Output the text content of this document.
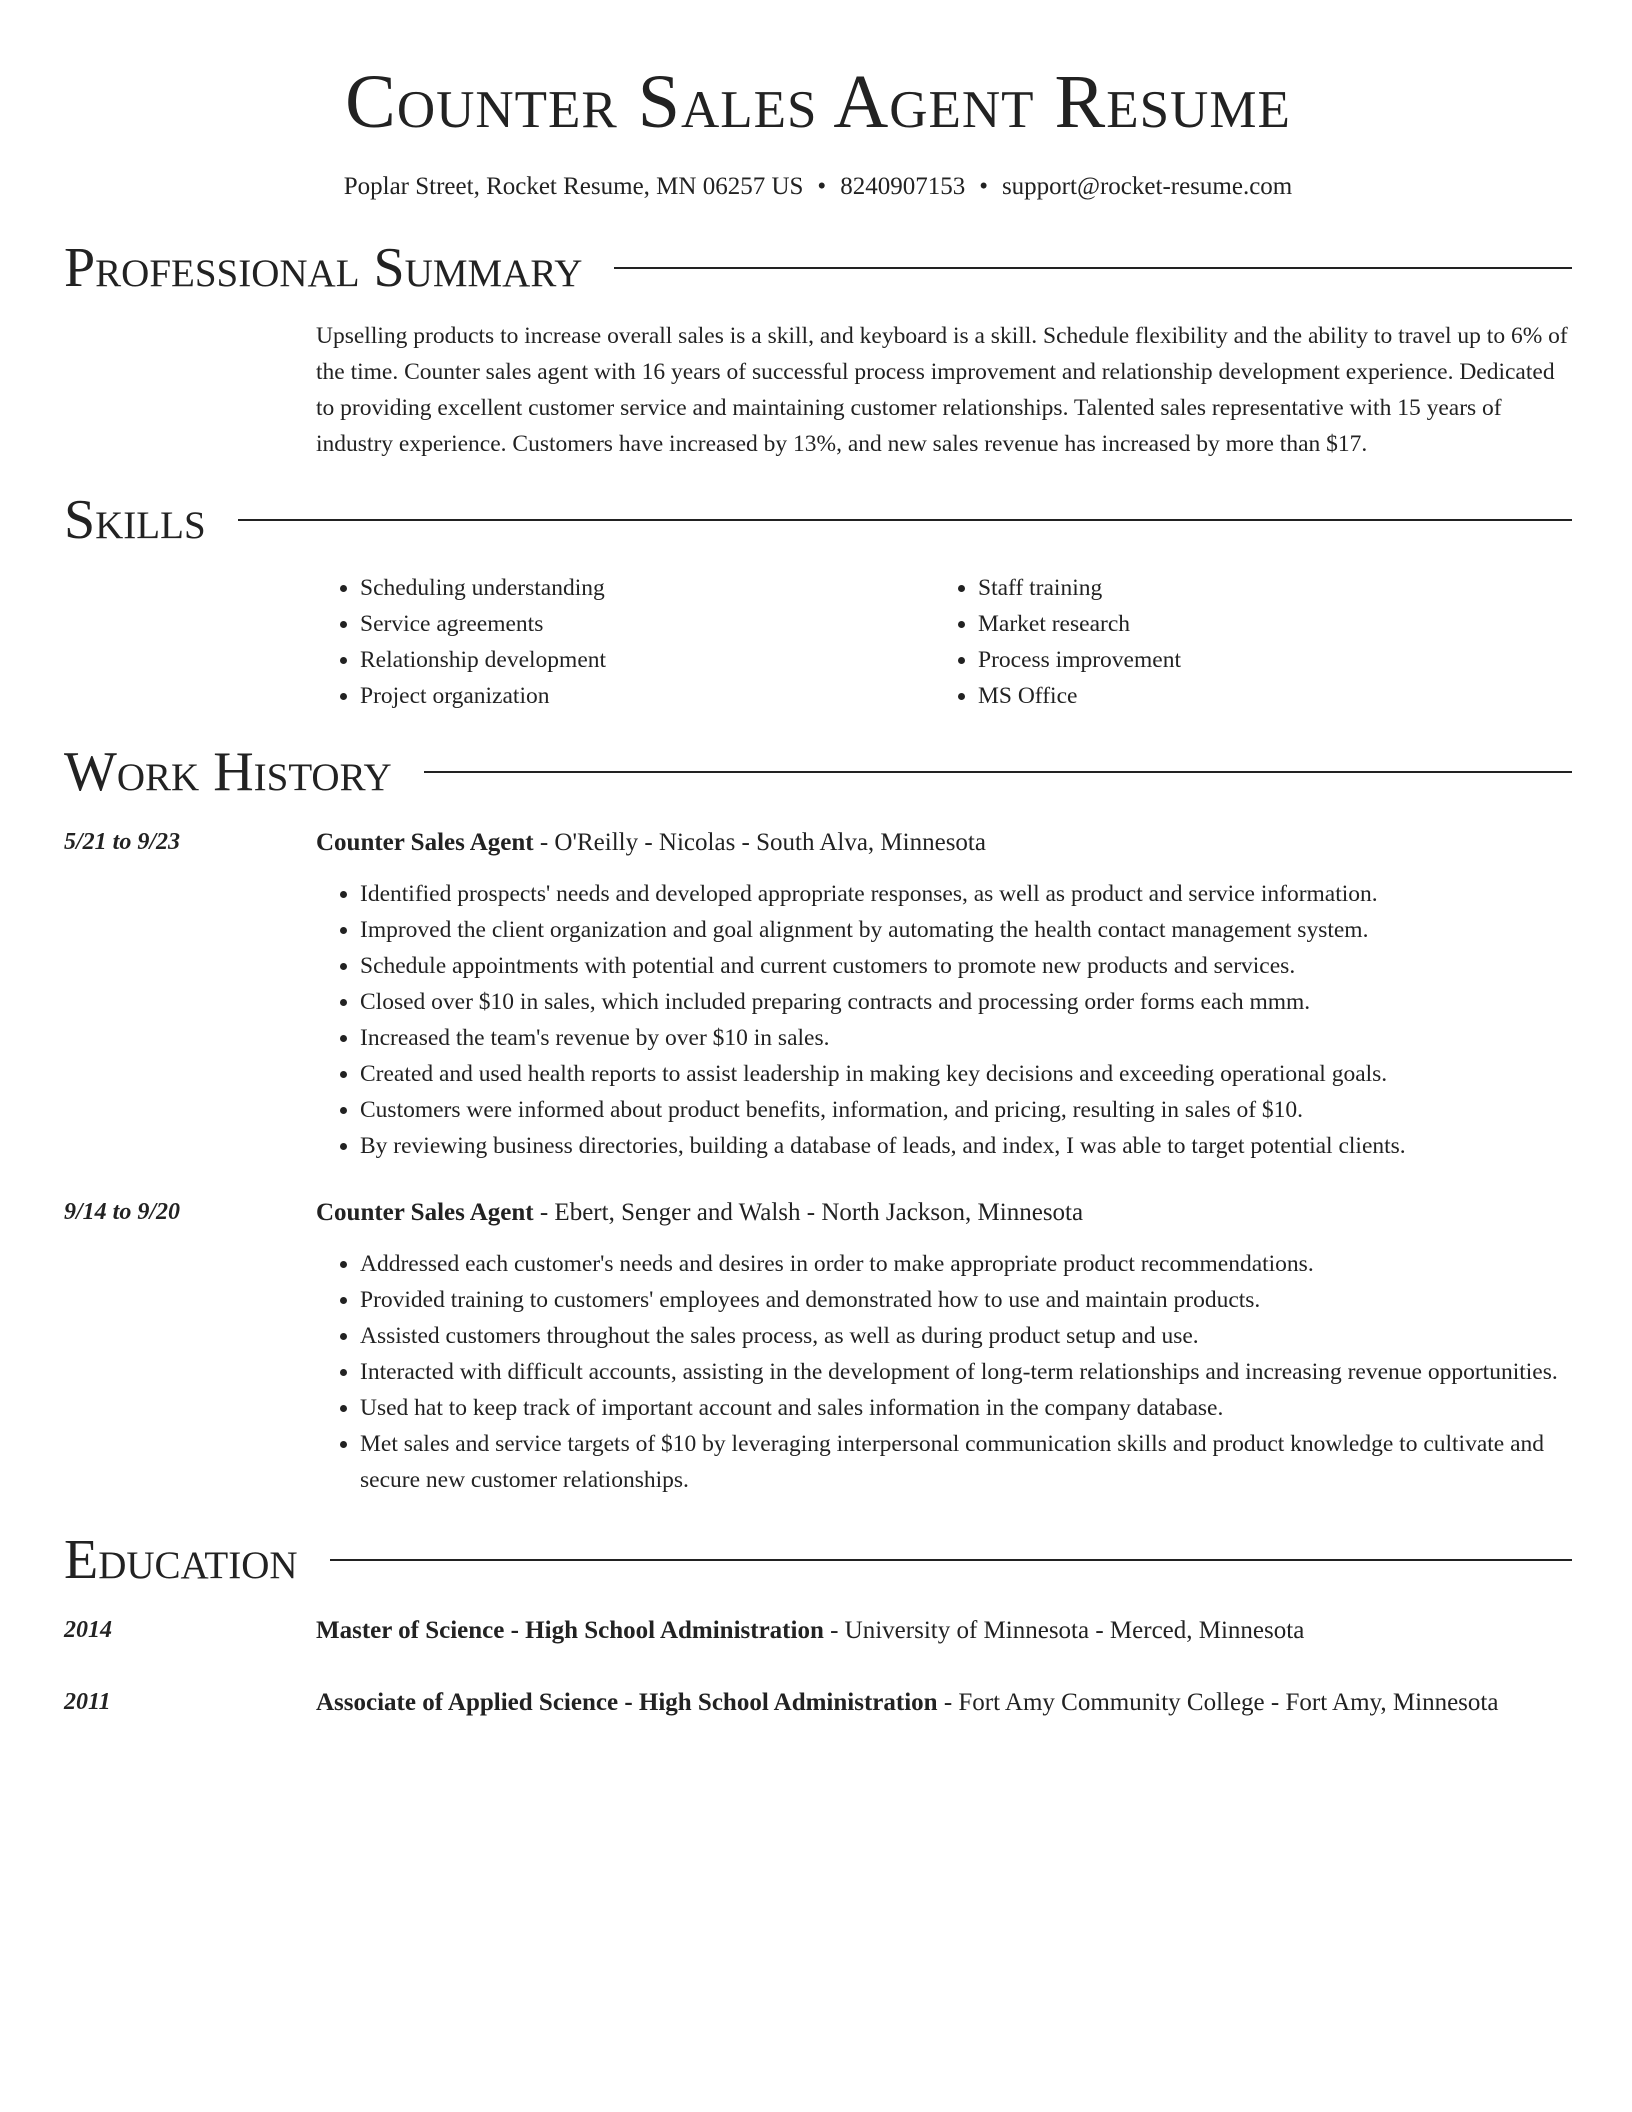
Counter Sales Agent Resume
Poplar Street, Rocket Resume, MN 06257 US • 8240907153 • support@rocket-resume.com
Professional Summary
Upselling products to increase overall sales is a skill, and keyboard is a skill. Schedule flexibility and the ability to travel up to 6% of the time. Counter sales agent with 16 years of successful process improvement and relationship development experience. Dedicated to providing excellent customer service and maintaining customer relationships. Talented sales representative with 15 years of industry experience. Customers have increased by 13%, and new sales revenue has increased by more than $17.
Skills
• Scheduling understanding
• Service agreements
• Relationship development
• Project organization
• Staff training
• Market research
• Process improvement
• MS Office
Work History
5/21 to 9/23	Counter Sales Agent - O'Reilly - Nicolas - South Alva, Minnesota
• Identified prospects' needs and developed appropriate responses, as well as product and service information.
• Improved the client organization and goal alignment by automating the health contact management system.
• Schedule appointments with potential and current customers to promote new products and services.
• Closed over $10 in sales, which included preparing contracts and processing order forms each mmm.
• Increased the team's revenue by over $10 in sales.
• Created and used health reports to assist leadership in making key decisions and exceeding operational goals.
• Customers were informed about product benefits, information, and pricing, resulting in sales of $10.
• By reviewing business directories, building a database of leads, and index, I was able to target potential clients.
9/14 to 9/20	Counter Sales Agent - Ebert, Senger and Walsh - North Jackson, Minnesota
• Addressed each customer's needs and desires in order to make appropriate product recommendations.
• Provided training to customers' employees and demonstrated how to use and maintain products.
• Assisted customers throughout the sales process, as well as during product setup and use.
• Interacted with difficult accounts, assisting in the development of long-term relationships and increasing revenue opportunities.
• Used hat to keep track of important account and sales information in the company database.
• Met sales and service targets of $10 by leveraging interpersonal communication skills and product knowledge to cultivate and secure new customer relationships.
Education
2014	Master of Science - High School Administration - University of Minnesota - Merced, Minnesota
2011	Associate of Applied Science - High School Administration - Fort Amy Community College - Fort Amy, Minnesota
